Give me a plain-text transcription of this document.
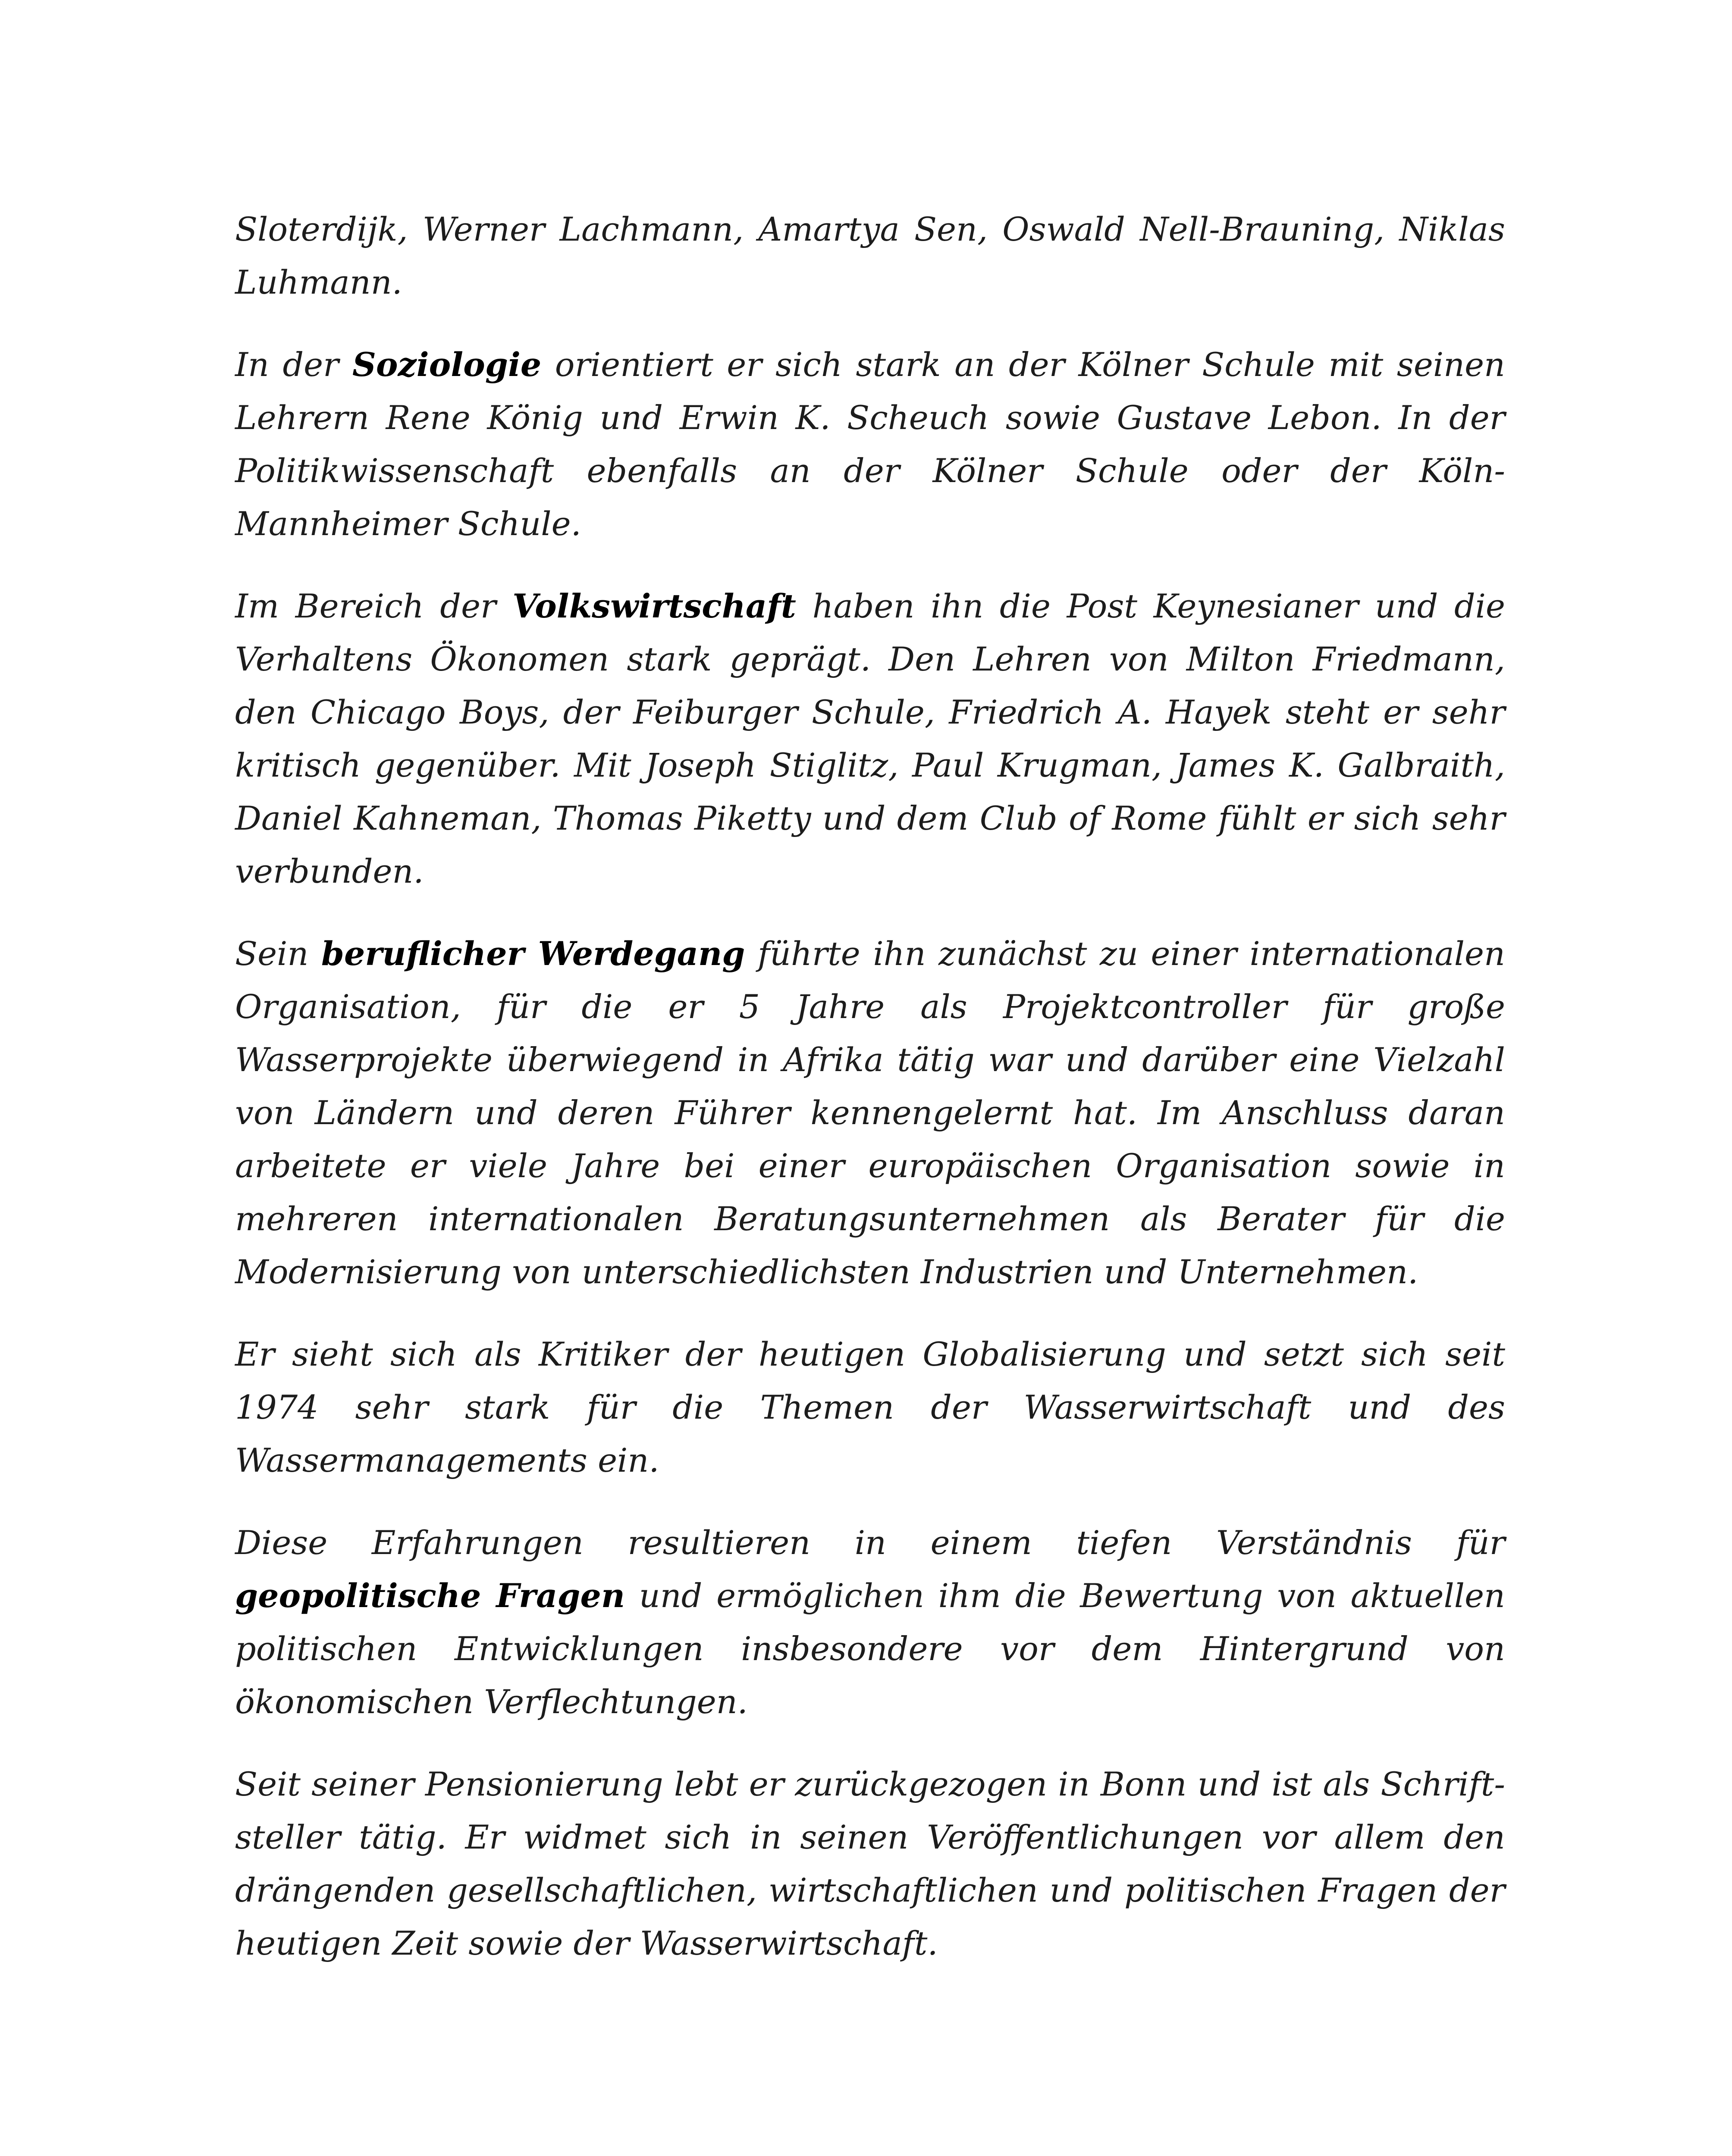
Sloterdijk, Werner Lachmann, Amartya Sen, Oswald Nell-Brauning, Niklas Luhmann.

In der Soziologie orientiert er sich stark an der Kölner Schule mit seinen Lehrern Rene König und Erwin K. Scheuch sowie Gustave Lebon. In der Politikwissenschaft ebenfalls an der Kölner Schule oder der Köln-Mannheimer Schule.

Im Bereich der Volkswirtschaft haben ihn die Post Keynesianer und die Verhaltens Ökonomen stark geprägt. Den Lehren von Milton Friedmann, den Chicago Boys, der Feiburger Schule, Friedrich A. Hayek steht er sehr kritisch gegenüber. Mit Joseph Stiglitz, Paul Krugman, James K. Galbraith, Daniel Kahneman, Thomas Piketty und dem Club of Rome fühlt er sich sehr verbunden.

Sein beruflicher Werdegang führte ihn zunächst zu einer internationalen Organisation, für die er 5 Jahre als Projektcontroller für große Wasserprojekte überwiegend in Afrika tätig war und darüber eine Vielzahl von Ländern und deren Führer kennengelernt hat. Im Anschluss daran arbeitete er viele Jahre bei einer europäischen Organisation sowie in mehreren internationalen Beratungsunternehmen als Berater für die Modernisierung von unterschiedlichsten Industrien und Unternehmen.

Er sieht sich als Kritiker der heutigen Globalisierung und setzt sich seit 1974 sehr stark für die Themen der Wasserwirtschaft und des Wassermanagements ein.

Diese Erfahrungen resultieren in einem tiefen Verständnis für geopolitische Fragen und ermöglichen ihm die Bewertung von aktuellen politischen Entwicklungen insbesondere vor dem Hintergrund von ökonomischen Verflechtungen.

Seit seiner Pensionierung lebt er zurückgezogen in Bonn und ist als Schriftsteller tätig. Er widmet sich in seinen Veröffentlichungen vor allem den drängenden gesellschaftlichen, wirtschaftlichen und politischen Fragen der heutigen Zeit sowie der Wasserwirtschaft.
